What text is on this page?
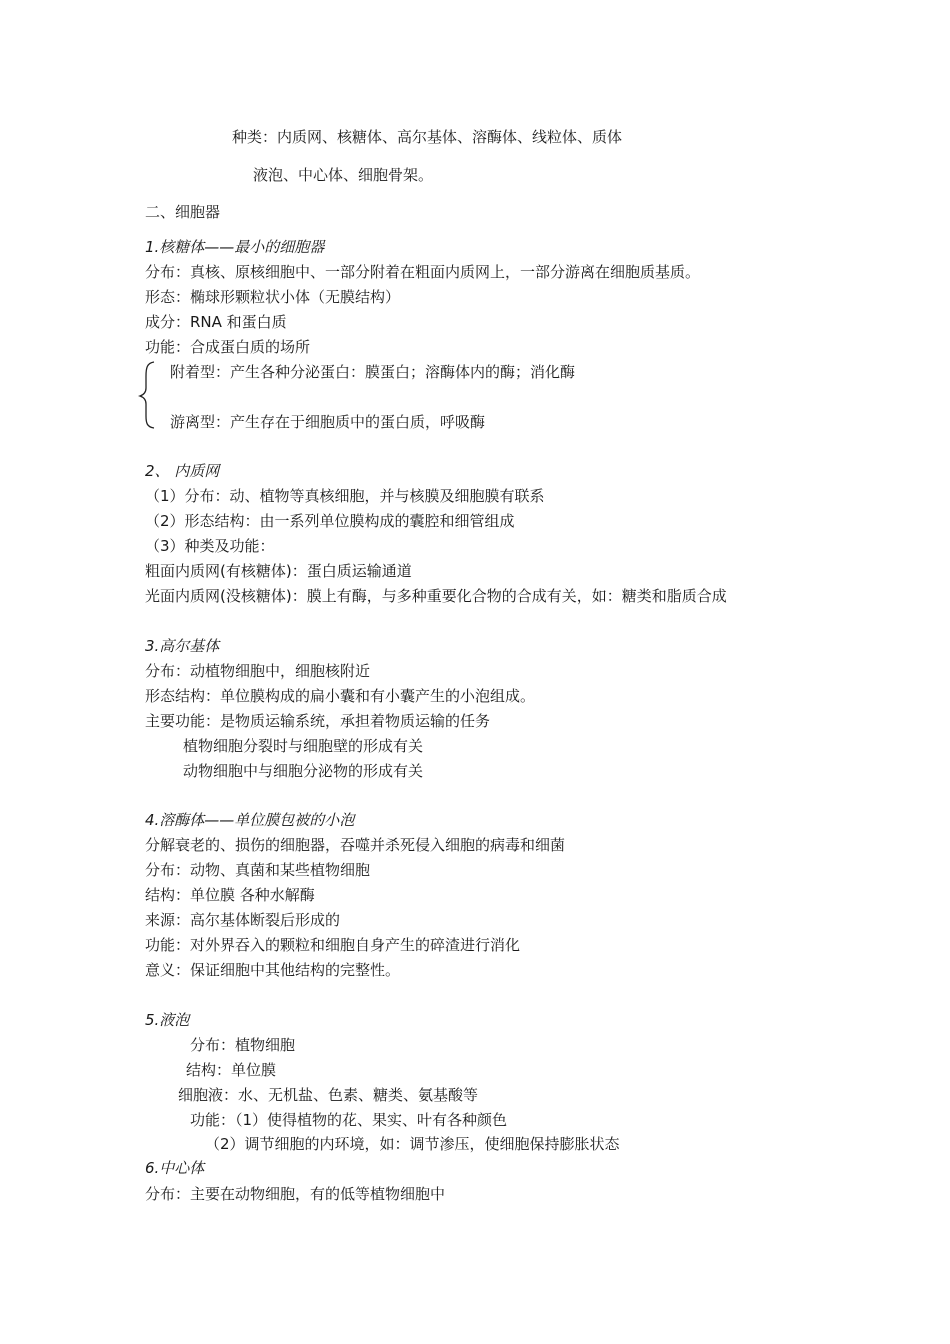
种类：内质网、核糖体、高尔基体、溶酶体、线粒体、质体
液泡、中心体、细胞骨架。
二、细胞器
1.核糖体——最小的细胞器
分布：真核、原核细胞中、一部分附着在粗面内质网上，一部分游离在细胞质基质。
形态：椭球形颗粒状小体（无膜结构）
成分：RNA 和蛋白质
功能：合成蛋白质的场所
附着型：产生各种分泌蛋白：膜蛋白；溶酶体内的酶；消化酶
游离型：产生存在于细胞质中的蛋白质，呼吸酶
2、 内质网
（1）分布：动、植物等真核细胞，并与核膜及细胞膜有联系
（2）形态结构：由一系列单位膜构成的囊腔和细管组成
（3）种类及功能：
粗面内质网(有核糖体)：蛋白质运输通道
光面内质网(没核糖体)：膜上有酶，与多种重要化合物的合成有关，如：糖类和脂质合成
3.高尔基体
分布：动植物细胞中，细胞核附近
形态结构：单位膜构成的扁小囊和有小囊产生的小泡组成。
主要功能：是物质运输系统，承担着物质运输的任务
植物细胞分裂时与细胞壁的形成有关
动物细胞中与细胞分泌物的形成有关
4.溶酶体——单位膜包被的小泡
分解衰老的、损伤的细胞器，吞噬并杀死侵入细胞的病毒和细菌
分布：动物、真菌和某些植物细胞
结构：单位膜 各种水解酶
来源：高尔基体断裂后形成的
功能：对外界吞入的颗粒和细胞自身产生的碎渣进行消化
意义：保证细胞中其他结构的完整性。
5.液泡
分布：植物细胞
结构：单位膜
细胞液：水、无机盐、色素、糖类、氨基酸等
功能：（1）使得植物的花、果实、叶有各种颜色
（2）调节细胞的内环境，如：调节渗压，使细胞保持膨胀状态
6.中心体
分布：主要在动物细胞，有的低等植物细胞中
